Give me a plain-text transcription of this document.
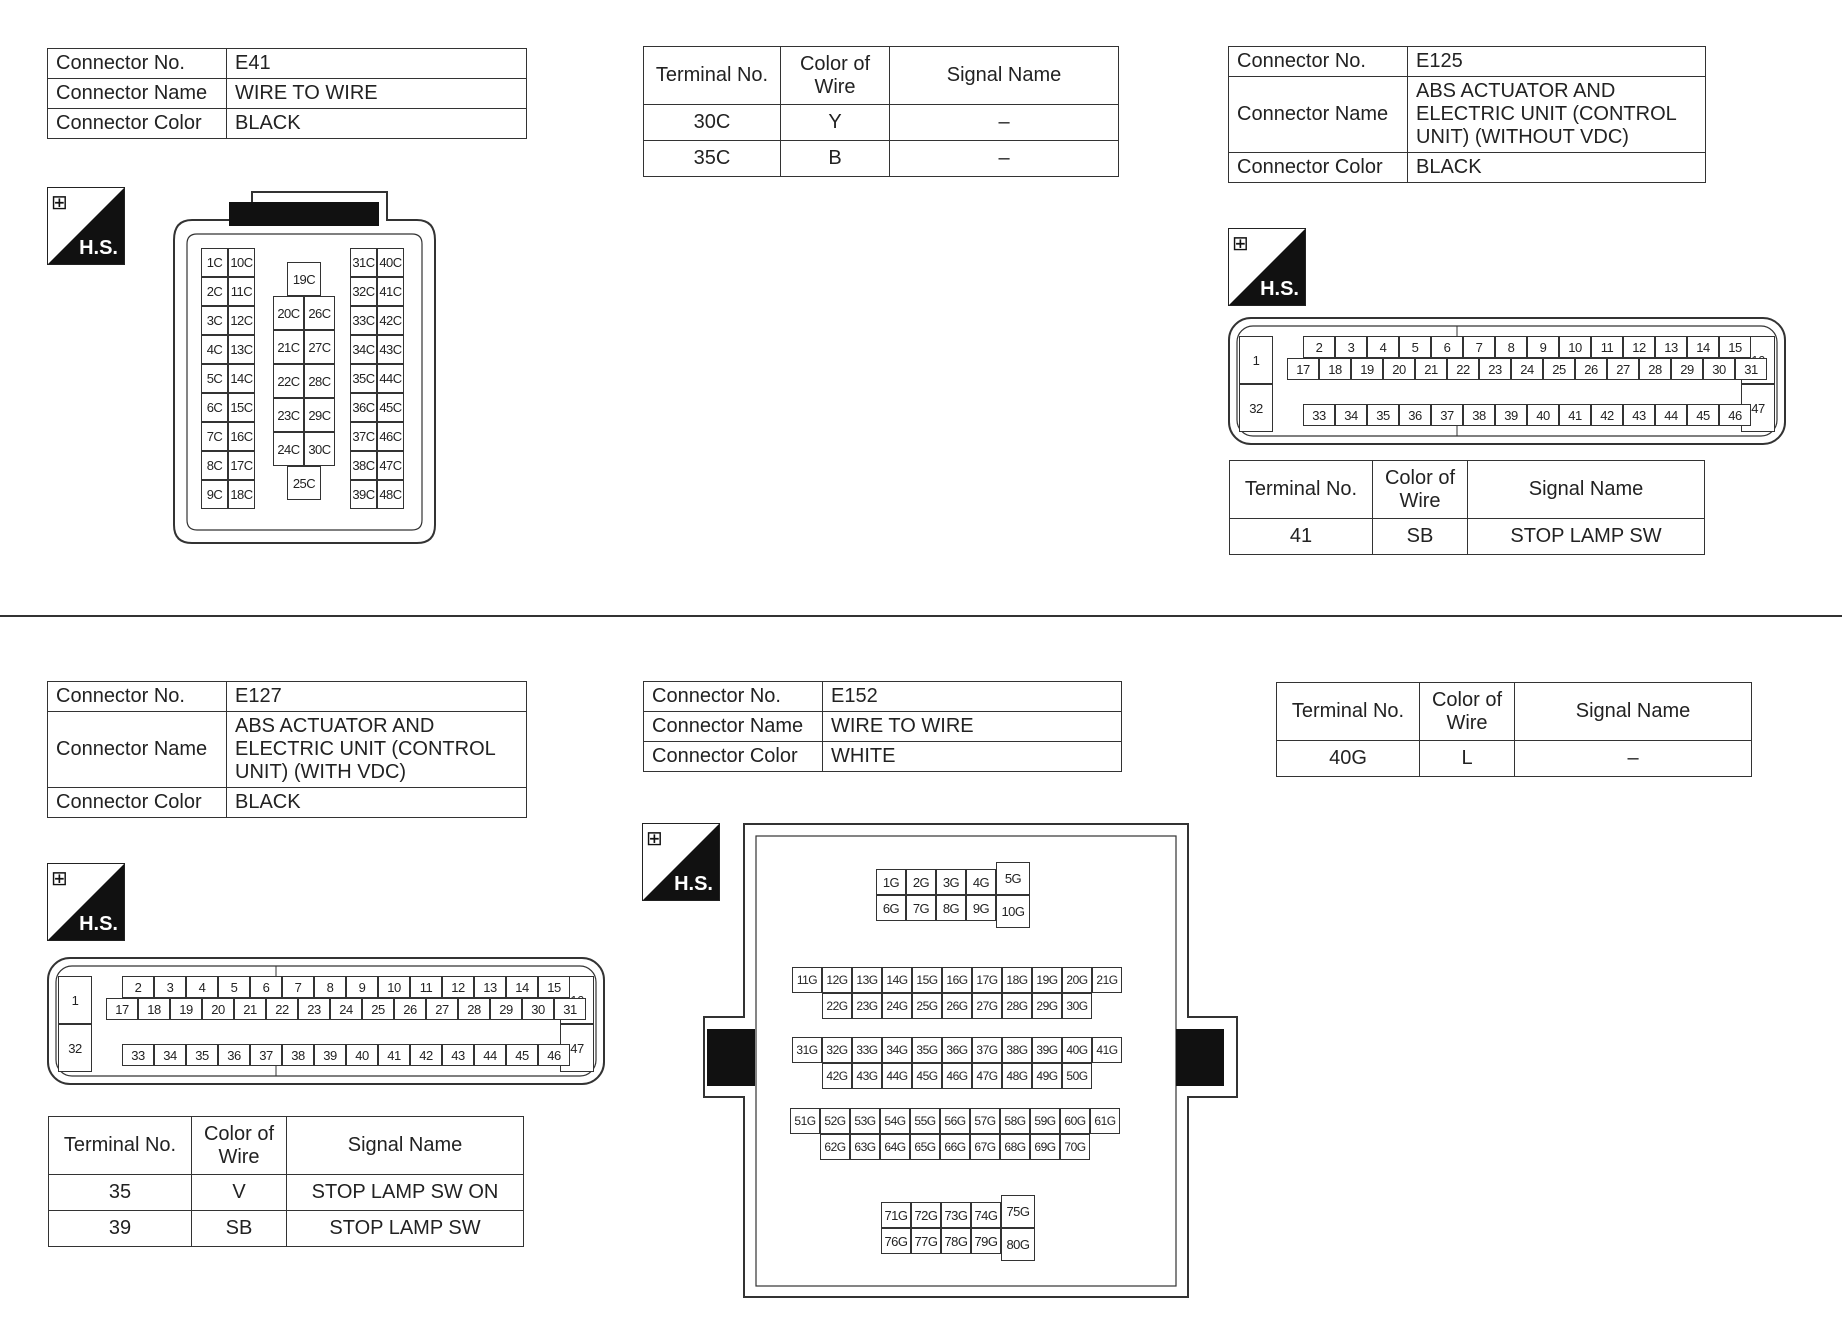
Connector No.	E41
Connector Name	WIRE TO WIRE
Connector Color	BLACK
Terminal No.	Color of Wire	Signal Name
30C	Y	–
35C	B	–
⊞
H.S.
1C 10C	31C 40C
2C 11C	32C 41C
3C 12C	33C 42C
4C 13C	34C 43C
5C 14C	35C 44C
6C 15C	36C 45C
7C 16C	37C 46C
8C 17C	38C 47C
9C 18C	39C 48C
19C
20C 26C
21C 27C
22C 28C
23C 29C
24C 30C
25C
Connector No.	E125
Connector Name	ABS ACTUATOR AND ELECTRIC UNIT (CONTROL UNIT) (WITHOUT VDC)
Connector Color	BLACK
⊞
H.S.
1
32	47
2	3	4	5	6	7	8	9	10	11	12	13	14	15
17	18	19	20	21	22	23	24	25	26	27	28	29	30	31
33	34	35	36	37	38	39	40	41	42	43	44	45	46
Terminal No.	Color of Wire	Signal Name
41	SB	STOP LAMP SW
Connector No.	E127
Connector Name	ABS ACTUATOR AND ELECTRIC UNIT (CONTROL UNIT) (WITH VDC)
Connector Color	BLACK
⊞
H.S.
1
32	47
2	3	4	5	6	7	8	9	10	11	12	13	14	15
17	18	19	20	21	22	23	24	25	26	27	28	29	30	31
33	34	35	36	37	38	39	40	41	42	43	44	45	46
Terminal No.	Color of Wire	Signal Name
35	V	STOP LAMP SW ON
39	SB	STOP LAMP SW
Connector No.	E152
Connector Name	WIRE TO WIRE
Connector Color	WHITE
⊞
H.S.	1G	2G	3G	4G
6G	7G	8G	9G
5G
10G
11G 12G 13G 14G 15G 16G 17G 18G 19G 20G 21G
22G 23G 24G 25G 26G 27G 28G 29G 30G
31G 32G 33G 34G 35G 36G 37G 38G 39G 40G 41G
42G 43G 44G 45G 46G 47G 48G 49G 50G
51G 52G 53G 54G 55G 56G 57G 58G 59G 60G 61G
62G 63G 64G 65G 66G 67G 68G 69G 70G
71G 72G 73G 74G
76G 77G 78G 79G
75G
80G
Terminal No.	Color of Wire	Signal Name
40G	L	–
